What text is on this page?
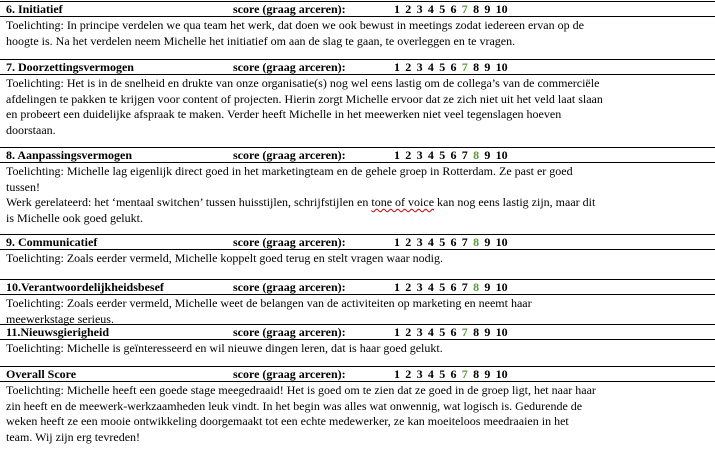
6. Initiatief	score (graag arceren):	1 2 3 4 5 6 7 8 9 10
Toelichting: In principe verdelen we qua team het werk, dat doen we ook bewust in meetings zodat iedereen ervan op de
hoogte is. Na het verdelen neem Michelle het initiatief om aan de slag te gaan, te overleggen en te vragen.
7. Doorzettingsvermogen	score (graag arceren):	1 2 3 4 5 6 7 8 9 10
Toelichting: Het is in de snelheid en drukte van onze organisatie(s) nog wel eens lastig om de collega’s van de commerciële
afdelingen te pakken te krijgen voor content of projecten. Hierin zorgt Michelle ervoor dat ze zich niet uit het veld laat slaan
en probeert een duidelijke afspraak te maken. Verder heeft Michelle in het meewerken niet veel tegenslagen hoeven
doorstaan.
8. Aanpassingsvermogen	score (graag arceren):	1 2 3 4 5 6 7 8 9 10
Toelichting: Michelle lag eigenlijk direct goed in het marketingteam en de gehele groep in Rotterdam. Ze past er goed
tussen!
Werk gerelateerd: het ‘mentaal switchen’ tussen huisstijlen, schrijfstijlen en tone of voice kan nog eens lastig zijn, maar dit
is Michelle ook goed gelukt.
9. Communicatief	score (graag arceren):	1 2 3 4 5 6 7 8 9 10
Toelichting: Zoals eerder vermeld, Michelle koppelt goed terug en stelt vragen waar nodig.
10.Verantwoordelijkheidsbesef	score (graag arceren):	1 2 3 4 5 6 7 8 9 10
Toelichting: Zoals eerder vermeld, Michelle weet de belangen van de activiteiten op marketing en neemt haar
meewerkstage serieus.
11.Nieuwsgierigheid	score (graag arceren):	1 2 3 4 5 6 7 8 9 10
Toelichting: Michelle is geïnteresseerd en wil nieuwe dingen leren, dat is haar goed gelukt.
Overall Score	score (graag arceren):	1 2 3 4 5 6 7 8 9 10
Toelichting: Michelle heeft een goede stage meegedraaid! Het is goed om te zien dat ze goed in de groep ligt, het naar haar
zin heeft en de meewerk-werkzaamheden leuk vindt. In het begin was alles wat onwennig, wat logisch is. Gedurende de
weken heeft ze een mooie ontwikkeling doorgemaakt tot een echte medewerker, ze kan moeiteloos meedraaien in het
team. Wij zijn erg tevreden!
